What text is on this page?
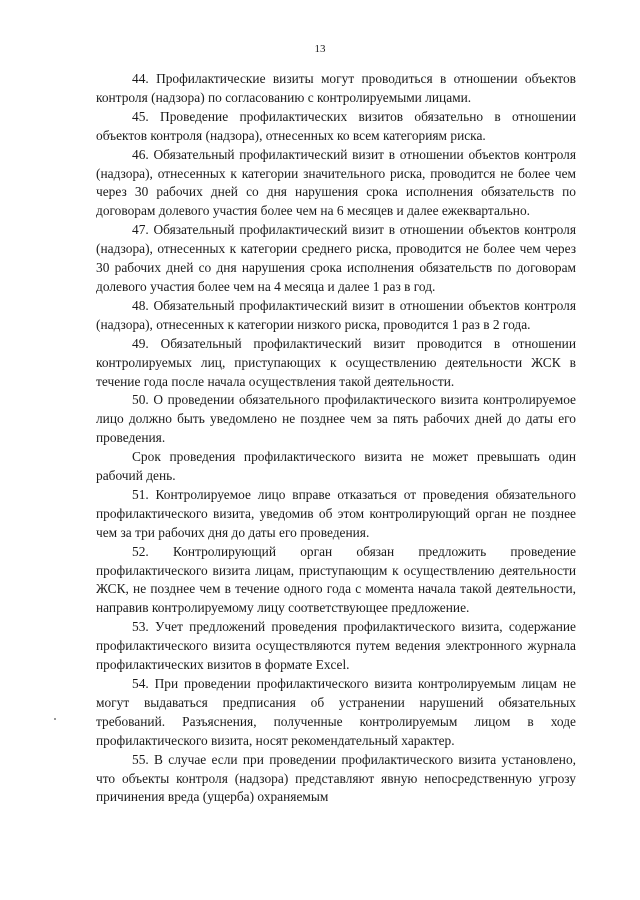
13

44. Профилактические визиты могут проводиться в отношении объектов контроля (надзора) по согласованию с контролируемыми лицами.

45. Проведение профилактических визитов обязательно в отношении объектов контроля (надзора), отнесенных ко всем категориям риска.

46. Обязательный профилактический визит в отношении объектов контроля (надзора), отнесенных к категории значительного риска, проводится не более чем через 30 рабочих дней со дня нарушения срока исполнения обязательств по договорам долевого участия более чем на 6 месяцев и далее ежеквартально.

47. Обязательный профилактический визит в отношении объектов контроля (надзора), отнесенных к категории среднего риска, проводится не более чем через 30 рабочих дней со дня нарушения срока исполнения обязательств по договорам долевого участия более чем на 4 месяца и далее 1 раз в год.

48. Обязательный профилактический визит в отношении объектов контроля (надзора), отнесенных к категории низкого риска, проводится 1 раз в 2 года.

49. Обязательный профилактический визит проводится в отношении контролируемых лиц, приступающих к осуществлению деятельности ЖСК в течение года после начала осуществления такой деятельности.

50. О проведении обязательного профилактического визита контролируемое лицо должно быть уведомлено не позднее чем за пять рабочих дней до даты его проведения.

Срок проведения профилактического визита не может превышать один рабочий день.

51. Контролируемое лицо вправе отказаться от проведения обязательного профилактического визита, уведомив об этом контролирующий орган не позднее чем за три рабочих дня до даты его проведения.

52. Контролирующий орган обязан предложить проведение профилактического визита лицам, приступающим к осуществлению деятельности ЖСК, не позднее чем в течение одного года с момента начала такой деятельности, направив контролируемому лицу соответствующее предложение.

53. Учет предложений проведения профилактического визита, содержание профилактического визита осуществляются путем ведения электронного журнала профилактических визитов в формате Excel.

54. При проведении профилактического визита контролируемым лицам не могут выдаваться предписания об устранении нарушений обязательных требований. Разъяснения, полученные контролируемым лицом в ходе профилактического визита, носят рекомендательный характер.

55. В случае если при проведении профилактического визита установлено, что объекты контроля (надзора) представляют явную непосредственную угрозу причинения вреда (ущерба) охраняемым
